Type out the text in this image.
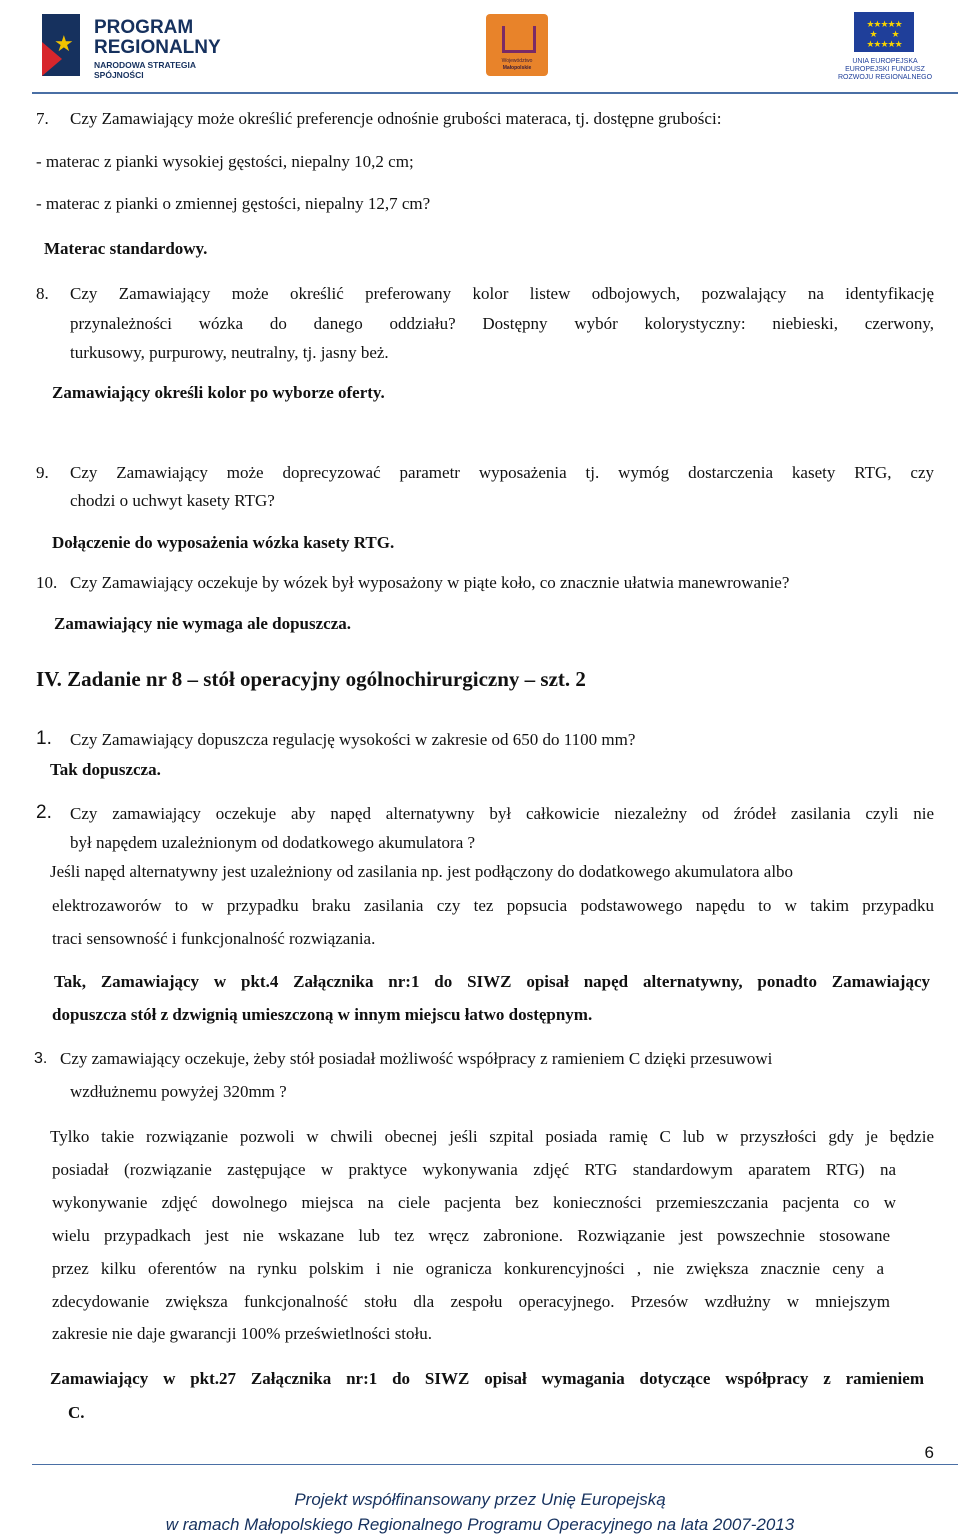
★
PROGRAM
REGIONALNY
NARODOWA STRATEGIA SPÓJNOŚCI
Województwo
Małopolskie
★★★★★
★        ★
★★★★★
UNIA EUROPEJSKA
EUROPEJSKI FUNDUSZ
ROZWOJU REGIONALNEGO
7. Czy Zamawiający może określić preferencje odnośnie grubości materaca, tj. dostępne grubości:
- materac z pianki wysokiej gęstości, niepalny 10,2 cm;
- materac z pianki o zmiennej gęstości, niepalny 12,7 cm?
Materac standardowy.
8. Czy Zamawiający może określić preferowany kolor listew odbojowych, pozwalający na identyfikację
przynależności wózka do danego oddziału? Dostępny wybór kolorystyczny: niebieski, czerwony,
turkusowy, purpurowy, neutralny, tj. jasny beż.
Zamawiający określi kolor po wyborze oferty.
9. Czy Zamawiający może doprecyzować parametr wyposażenia tj. wymóg dostarczenia kasety RTG, czy
chodzi o uchwyt kasety RTG?
Dołączenie do wyposażenia wózka kasety RTG.
10. Czy Zamawiający oczekuje by wózek był wyposażony w piąte koło, co znacznie ułatwia manewrowanie?
Zamawiający nie wymaga ale dopuszcza.
IV. Zadanie nr 8 – stół operacyjny ogólnochirurgiczny – szt. 2
1. Czy Zamawiający dopuszcza regulację wysokości w zakresie od 650 do 1100 mm?
Tak dopuszcza.
2. Czy zamawiający oczekuje aby napęd alternatywny był całkowicie niezależny od źródeł zasilania czyli nie
był napędem uzależnionym od dodatkowego akumulatora ?
Jeśli napęd alternatywny jest uzależniony od zasilania np. jest podłączony do dodatkowego akumulatora albo
elektrozaworów to w przypadku braku zasilania czy tez popsucia podstawowego napędu to w takim przypadku
traci sensowność i funkcjonalność rozwiązania.
Tak, Zamawiający w pkt.4 Załącznika nr:1 do SIWZ opisał napęd alternatywny, ponadto Zamawiający
dopuszcza stół z dzwignią umieszczoną w innym miejscu łatwo dostępnym.
3. Czy zamawiający oczekuje, żeby stół posiadał możliwość współpracy z ramieniem C dzięki przesuwowi
wzdłużnemu powyżej 320mm ?
Tylko takie rozwiązanie pozwoli w chwili obecnej jeśli szpital posiada ramię C lub w przyszłości gdy je będzie
posiadał (rozwiązanie zastępujące w praktyce wykonywania zdjęć RTG standardowym aparatem RTG) na
wykonywanie zdjęć dowolnego miejsca na ciele pacjenta bez konieczności przemieszczania pacjenta co w
wielu przypadkach jest nie wskazane lub tez wręcz zabronione. Rozwiązanie jest powszechnie stosowane
przez kilku oferentów na rynku polskim i nie ogranicza konkurencyjności , nie zwiększa znacznie ceny a
zdecydowanie zwiększa funkcjonalność stołu dla zespołu operacyjnego. Przesów wzdłużny w mniejszym
zakresie nie daje gwarancji 100% prześwietlności stołu.
Zamawiający w pkt.27 Załącznika nr:1 do SIWZ opisał wymagania dotyczące współpracy z ramieniem
C.
6
Projekt współfinansowany przez Unię Europejską
w ramach Małopolskiego Regionalnego Programu Operacyjnego na lata 2007-2013
